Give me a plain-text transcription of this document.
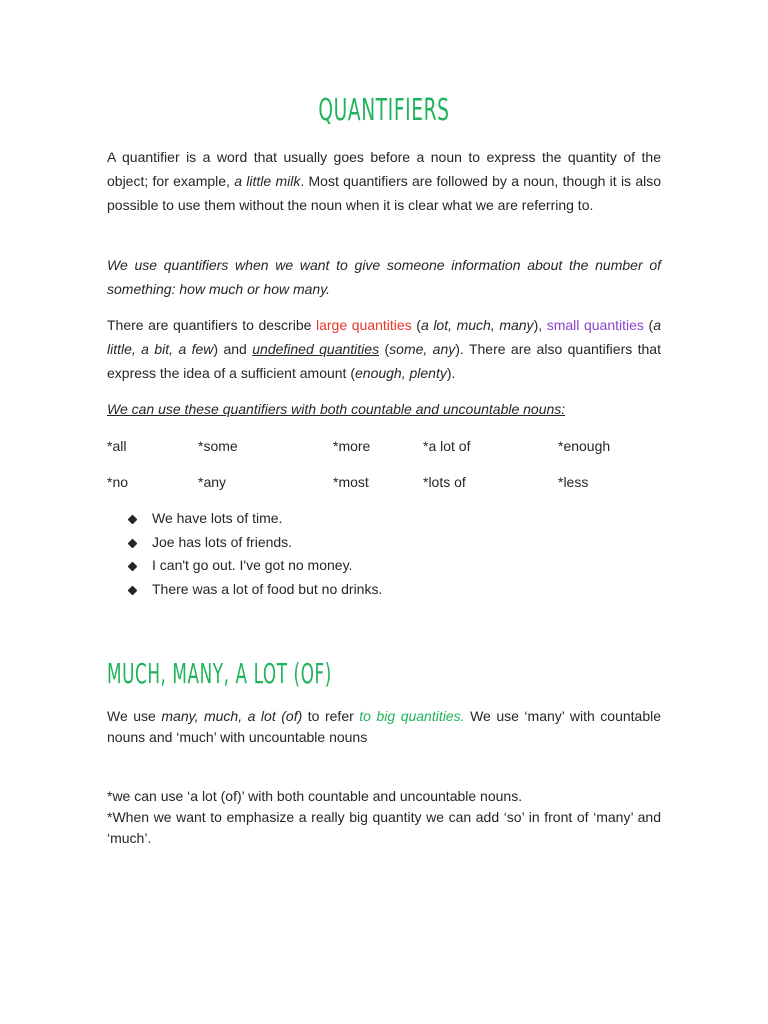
QUANTIFIERS

A quantifier is a word that usually goes before a noun to express the quantity of the object; for example, a little milk. Most quantifiers are followed by a noun, though it is also possible to use them without the noun when it is clear what we are referring to.

We use quantifiers when we want to give someone information about the number of something: how much or how many.

There are quantifiers to describe large quantities (a lot, much, many), small quantities (a little, a bit, a few) and undefined quantities (some, any). There are also quantifiers that express the idea of a sufficient amount (enough, plenty).

We can use these quantifiers with both countable and uncountable nouns:

*all	*some	*more	*a lot of	*enough
*no	*any	*most	*lots of	*less
We have lots of time.
Joe has lots of friends.
I can't go out. I've got no money.
There was a lot of food but no drinks.
MUCH, MANY, A LOT (OF)

We use many, much, a lot (of) to refer to big quantities. We use ‘many’ with countable nouns and ‘much’ with uncountable nouns

*we can use ‘a lot (of)’ with both countable and uncountable nouns.

*When we want to emphasize a really big quantity we can add ‘so’ in front of ‘many’ and ‘much’.
